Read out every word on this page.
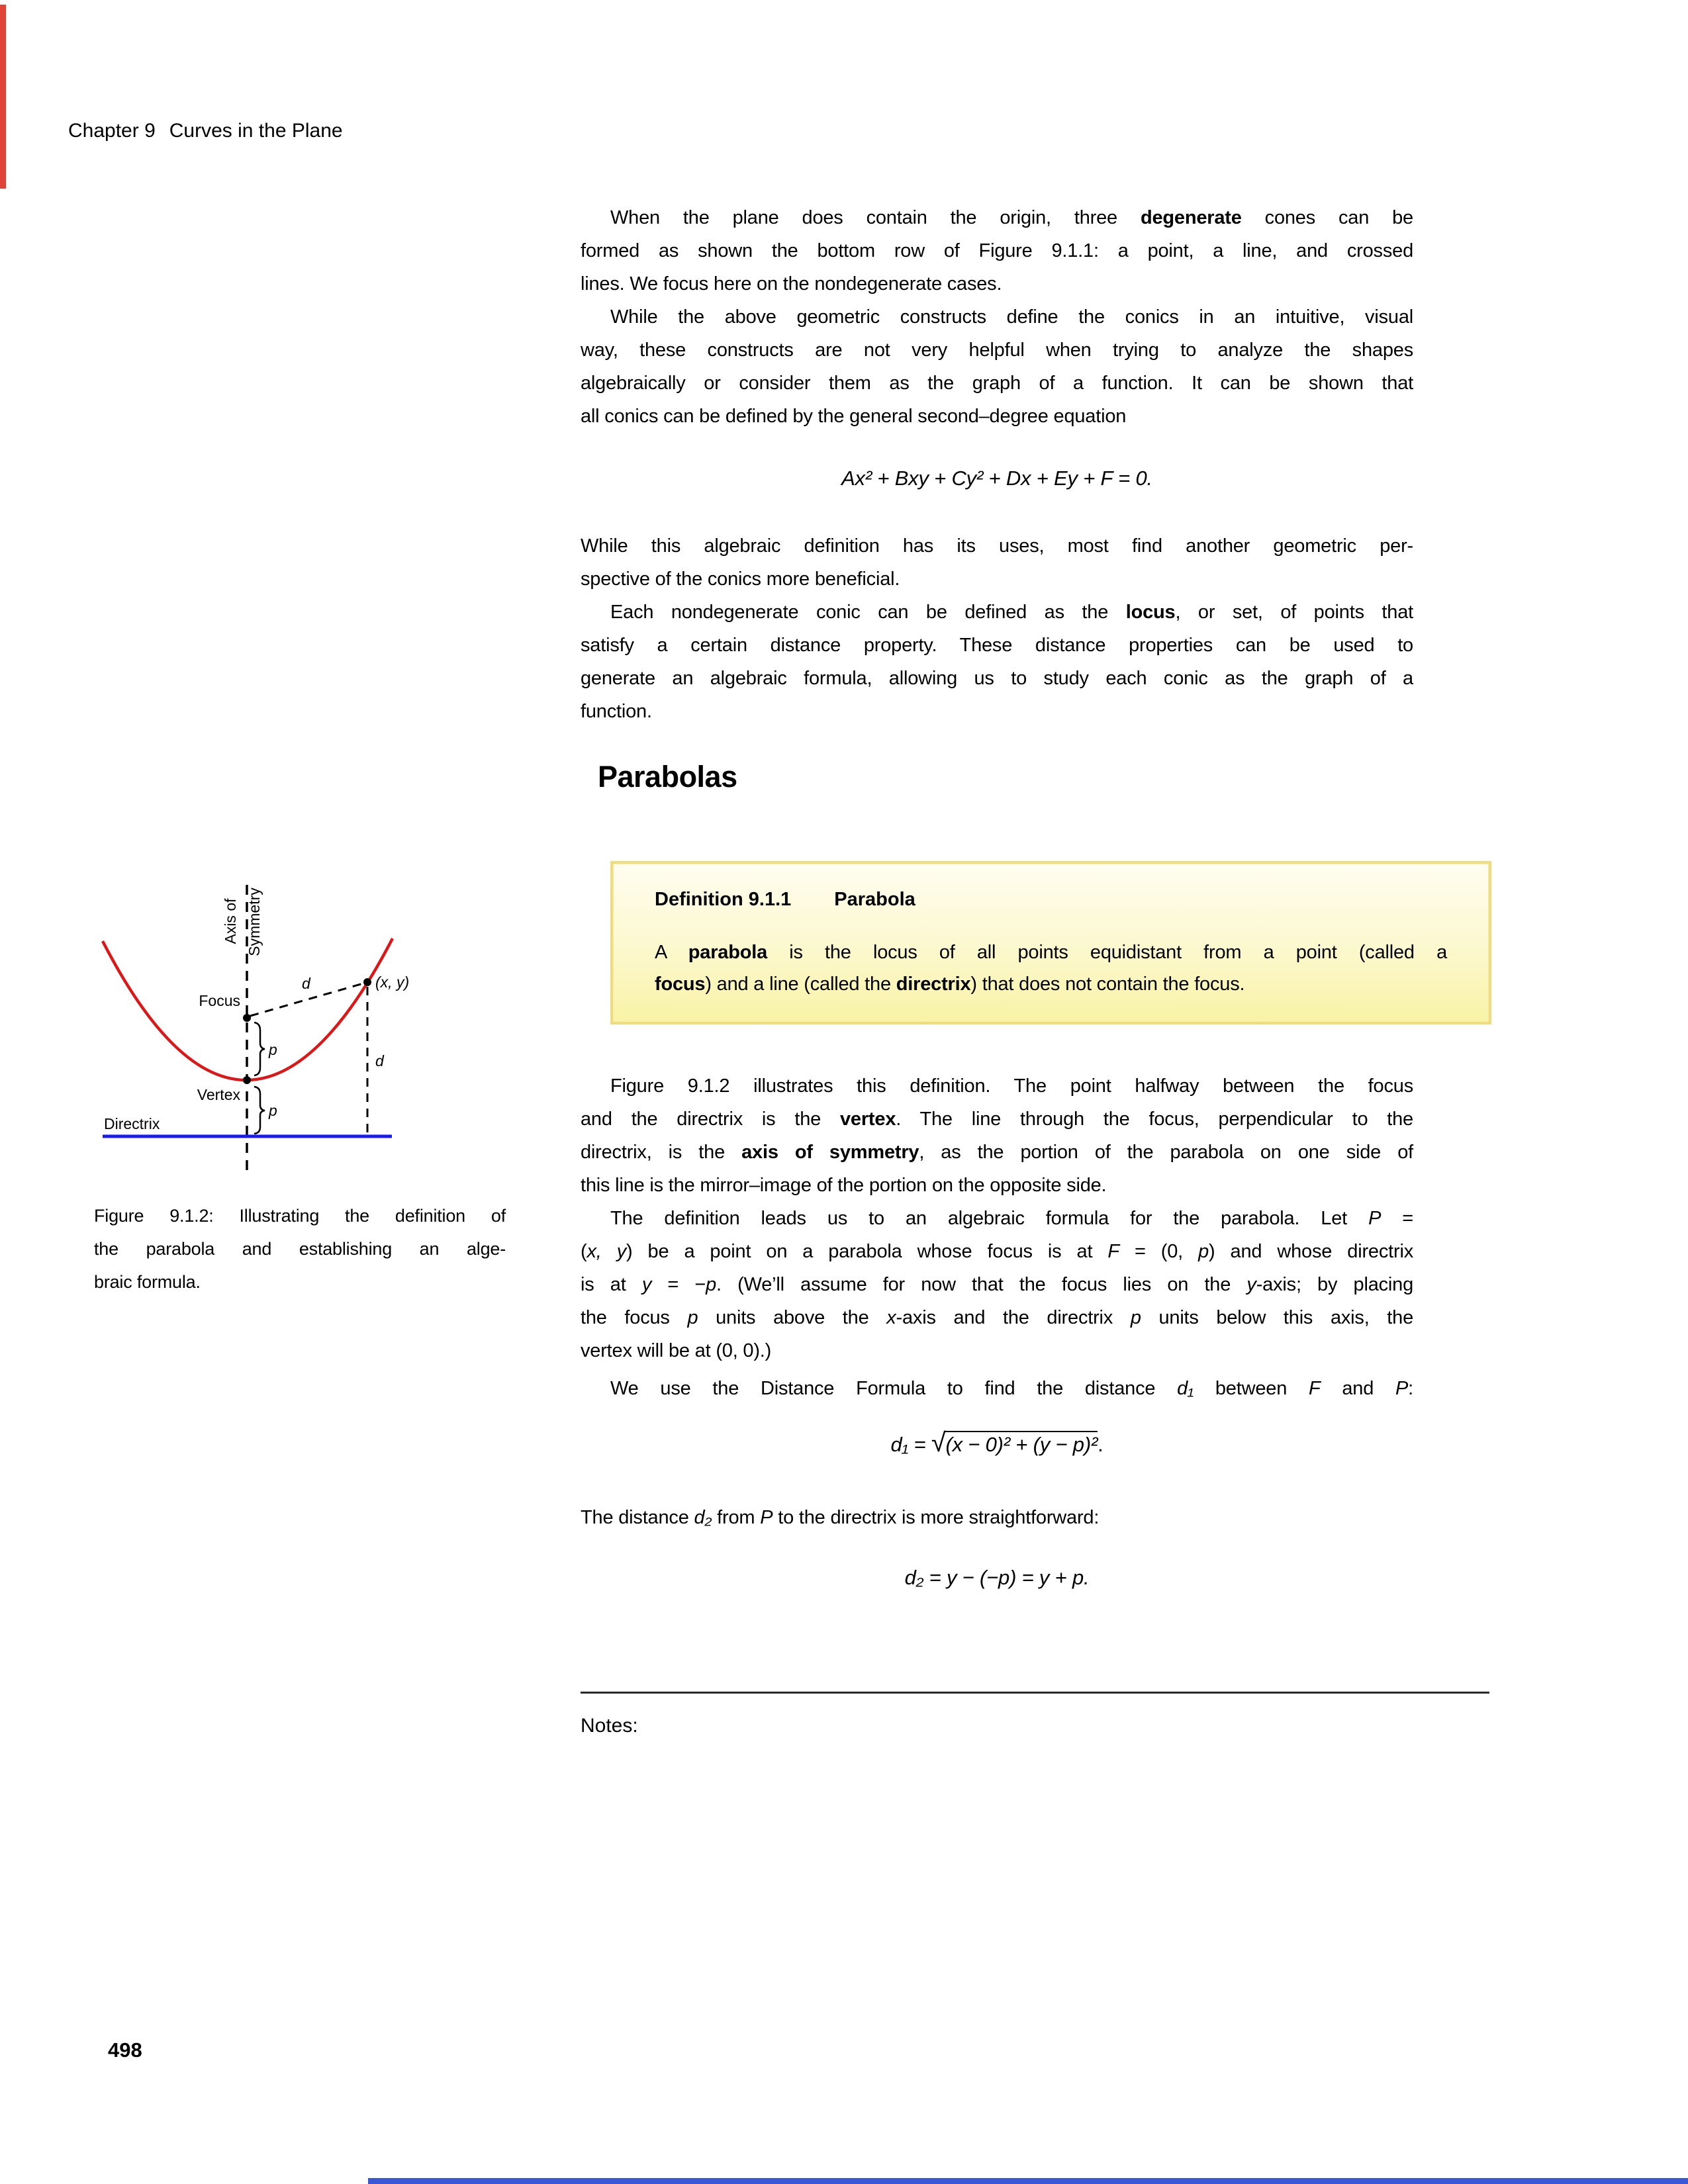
Chapter 9 Curves in the Plane
When the plane does contain the origin, three degenerate cones can be
formed as shown the bottom row of Figure 9.1.1: a point, a line, and crossed
lines. We focus here on the nondegenerate cases.
While the above geometric constructs define the conics in an intuitive, visual
way, these constructs are not very helpful when trying to analyze the shapes
algebraically or consider them as the graph of a function. It can be shown that
all conics can be defined by the general second–degree equation
Ax² + Bxy + Cy² + Dx + Ey + F = 0.
While this algebraic definition has its uses, most find another geometric per-
spective of the conics more beneficial.
Each nondegenerate conic can be defined as the locus, or set, of points that
satisfy a certain distance property. These distance properties can be used to
generate an algebraic formula, allowing us to study each conic as the graph of a
function.
Parabolas
Definition 9.1.1 Parabola
A parabola is the locus of all points equidistant from a point (called a
focus) and a line (called the directrix) that does not contain the focus.
Axis of Symmetry
Focus
Vertex
Directrix
(x, y)
d
d
p
p
Figure 9.1.2: Illustrating the definition of
the parabola and establishing an alge-
braic formula.
Figure 9.1.2 illustrates this definition. The point halfway between the focus
and the directrix is the vertex. The line through the focus, perpendicular to the
directrix, is the axis of symmetry, as the portion of the parabola on one side of
this line is the mirror–image of the portion on the opposite side.
The definition leads us to an algebraic formula for the parabola. Let P =
(x, y) be a point on a parabola whose focus is at F = (0, p) and whose directrix
is at y = −p. (We’ll assume for now that the focus lies on the y-axis; by placing
the focus p units above the x-axis and the directrix p units below this axis, the
vertex will be at (0, 0).)
We use the Distance Formula to find the distance d₁ between F and P:
d₁ = √(x − 0)² + (y − p)².
The distance d₂ from P to the directrix is more straightforward:
d₂ = y − (−p) = y + p.
Notes:
498
